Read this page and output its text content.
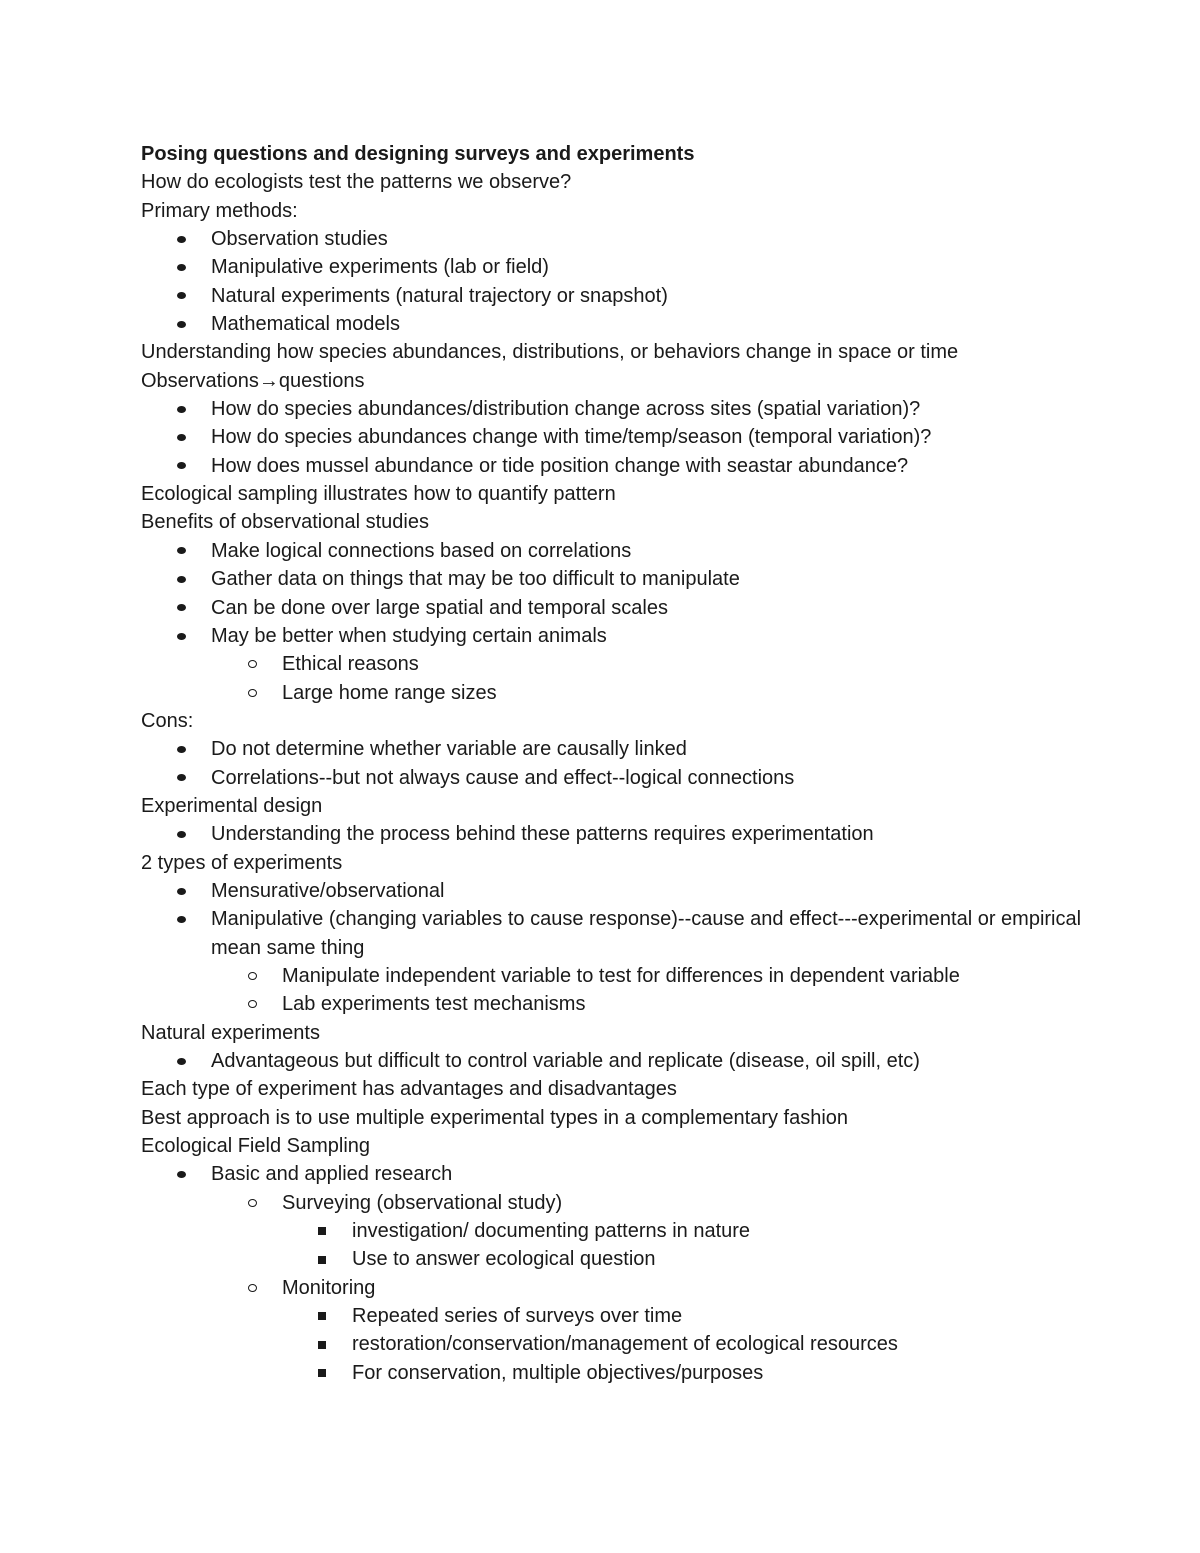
Posing questions and designing surveys and experiments
How do ecologists test the patterns we observe?
Primary methods:
Observation studies
Manipulative experiments (lab or field)
Natural experiments (natural trajectory or snapshot)
Mathematical models
Understanding how species abundances, distributions, or behaviors change in space or time
Observations→questions
How do species abundances/distribution change across sites (spatial variation)?
How do species abundances change with time/temp/season (temporal variation)?
How does mussel abundance or tide position change with seastar abundance?
Ecological sampling illustrates how to quantify pattern
Benefits of observational studies
Make logical connections based on correlations
Gather data on things that may be too difficult to manipulate
Can be done over large spatial and temporal scales
May be better when studying certain animals
Ethical reasons
Large home range sizes
Cons:
Do not determine whether variable are causally linked
Correlations--but not always cause and effect--logical connections
Experimental design
Understanding the process behind these patterns requires experimentation
2 types of experiments
Mensurative/observational
Manipulative (changing variables to cause response)--cause and effect---experimental or empirical mean same thing
Manipulate independent variable to test for differences in dependent variable
Lab experiments test mechanisms
Natural experiments
Advantageous but difficult to control variable and replicate (disease, oil spill, etc)
Each type of experiment has advantages and disadvantages
Best approach is to use multiple experimental types in a complementary fashion
Ecological Field Sampling
Basic and applied research
Surveying (observational study)
investigation/ documenting patterns in nature
Use to answer ecological question
Monitoring
Repeated series of surveys over time
restoration/conservation/management of ecological resources
For conservation, multiple objectives/purposes
